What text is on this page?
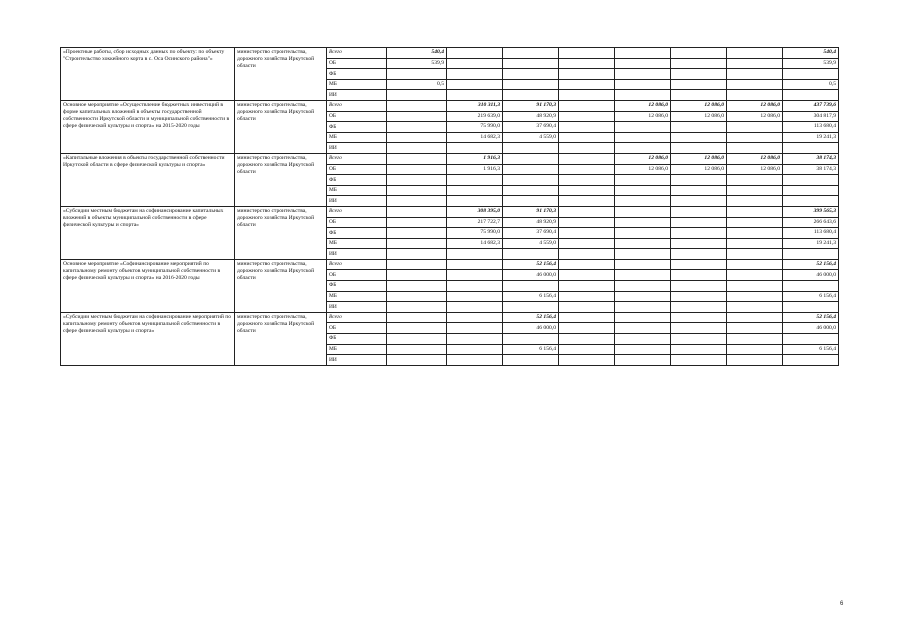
«Проектные работы, сбор исходных данных по объекту: по объекту "Строительство хоккейного корта в с. Оса Осинского района"»	министерство строительства, дорожного хозяйства Иркутской области	Всего	540,4							540,4
		ОБ	539,9							539,9
		ФБ								
		МБ	0,5							0,5
		ИИ								
Основное мероприятие «Осуществление бюджетных инвестиций в форме капитальных вложений в объекты государственной собственности Иркутской области и муниципальной собственности в сфере физической культуры и спорта» на 2015-2020 годы	министерство строительства, дорожного хозяйства Иркутской области	Всего		310 311,3	91 170,3		12 086,0	12 086,0	12 086,0	437 739,6
		ОБ		219 639,0	48 920,9		12 086,0	12 086,0	12 086,0	304 817,9
		ФБ		75 990,0	37 690,4					113 680,4
		МБ		14 682,3	4 559,0					19 241,3
		ИИ								
«Капитальные вложения в объекты государственной собственности Иркутской области в сфере физической культуры и спорта»	министерство строительства, дорожного хозяйства Иркутской области	Всего		1 916,3			12 086,0	12 086,0	12 086,0	38 174,3
		ОБ		1 916,3			12 086,0	12 086,0	12 086,0	38 174,3
		ФБ								
		МБ								
		ИИ								
«Субсидии местным бюджетам на софинансирование капитальных вложений в объекты муниципальной собственности в сфере физической культуры и спорта»	министерство строительства, дорожного хозяйства Иркутской области	Всего		308 395,0	91 170,3					399 565,3
		ОБ		217 722,7	48 920,9					266 643,6
		ФБ		75 990,0	37 690,4					113 680,4
		МБ		14 682,3	4 559,0					19 241,3
		ИИ								
Основное мероприятие «Софинансирование мероприятий по капитальному ремонту объектов муниципальной собственности в сфере физической культуры и спорта» на 2016-2020 годы	министерство строительства, дорожного хозяйства Иркутской области	Всего			52 156,4					52 156,4
		ОБ			46 000,0					46 000,0
		ФБ								
		МБ			6 156,4					6 156,4
		ИИ								
«Субсидии местным бюджетам на софинансирование мероприятий по капитальному ремонту объектов муниципальной собственности в сфере физической культуры и спорта»	министерство строительства, дорожного хозяйства Иркутской области	Всего			52 156,4					52 156,4
		ОБ			46 000,0					46 000,0
		ФБ								
		МБ			6 156,4					6 156,4
		ИИ								
6
